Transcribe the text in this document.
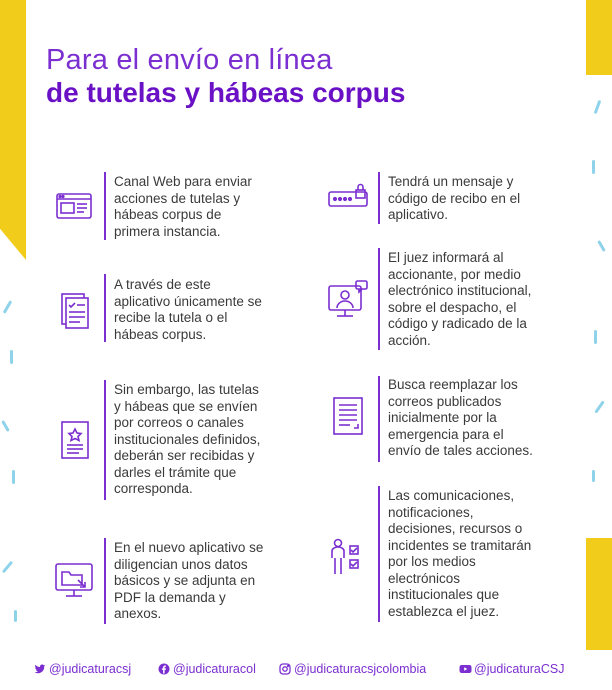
Para el envío en línea
de tutelas y hábeas corpus
Canal Web para enviar
acciones de tutelas y
hábeas corpus de
primera instancia.
A través de este
aplicativo únicamente se
recibe la tutela o el
hábeas corpus.
Sin embargo, las tutelas
y hábeas que se envíen
por correos o canales
institucionales definidos,
deberán ser recibidas y
darles el trámite que
corresponda.
En el nuevo aplicativo se
diligencian unos datos
básicos y se adjunta en
PDF la demanda y
anexos.
Tendrá un mensaje y
código de recibo en el
aplicativo.
El juez informará al
accionante, por medio
electrónico institucional,
sobre el despacho, el
código y radicado de la
acción.
Busca reemplazar los
correos publicados
inicialmente por la
emergencia para el
envío de tales acciones.
Las comunicaciones,
notificaciones,
decisiones, recursos o
incidentes se tramitarán
por los medios
electrónicos
institucionales que
establezca el juez.
@judicaturacsj	@judicaturacol	@judicaturacsjcolombia	@judicaturaCSJ
